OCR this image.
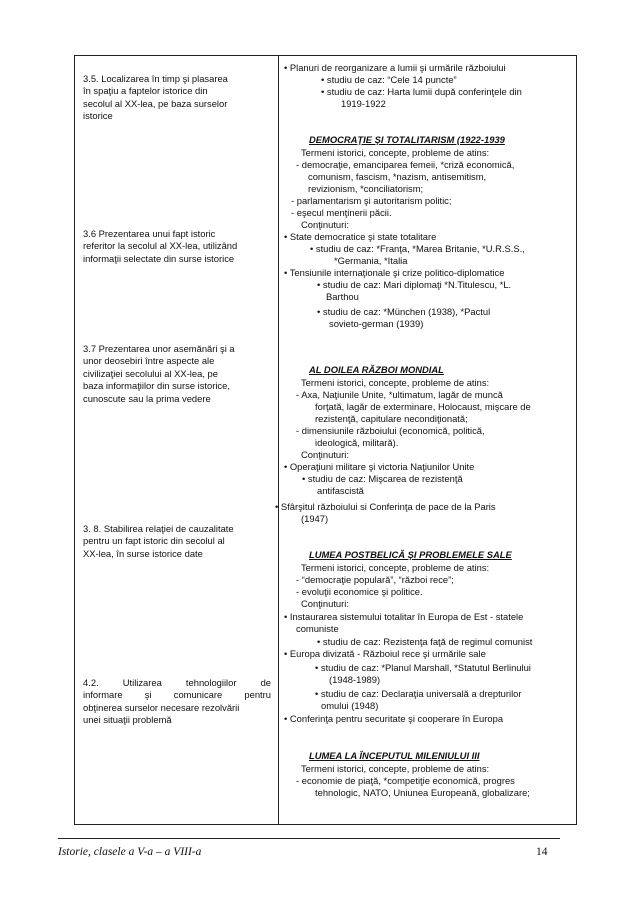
3.5. Localizarea în timp şi plasarea
în spaţiu a faptelor istorice din
secolul al XX-lea, pe baza surselor
istorice
3.6 Prezentarea unui fapt istoric
referitor la secolul al XX-lea, utilizând
informaţii selectate din surse istorice
3.7 Prezentarea unor asemănări şi a
unor deosebiri între aspecte ale
civilizaţiei secolului al XX-lea, pe
baza informaţiilor din surse istorice,
cunoscute sau la prima vedere
3. 8. Stabilirea relaţiei de cauzalitate
pentru un fapt istoric din secolul al
XX-lea, în surse istorice date
4.2. Utilizarea tehnologiilor de
informare şi comunicare pentru
obţinerea surselor necesare rezolvării
unei situaţii problemă
• Planuri de reorganizare a lumii şi urmările războiului
• studiu de caz: “Cele 14 puncte”
• studiu de caz: Harta lumii după conferinţele din
1919-1922
DEMOCRAŢIE ŞI TOTALITARISM (1922-1939
Termeni istorici, concepte, probleme de atins:
- democraţie, emanciparea femeii, *criză economică,
comunism, fascism, *nazism, antisemitism,
revizionism, *conciliatorism;
- parlamentarism şi autoritarism politic;
- eşecul menţinerii păcii.
Conţinuturi:
• State democratice şi state totalitare
• studiu de caz: *Franţa, *Marea Britanie, *U.R.S.S.,
*Germania, *Italia
• Tensiunile internaţionale şi crize politico-diplomatice
• studiu de caz: Mari diplomaţi *N.Titulescu, *L.
Barthou
• studiu de caz: *München (1938), *Pactul
sovieto-german (1939)
AL DOILEA RĂZBOI MONDIAL
Termeni istorici, concepte, probleme de atins:
- Axa, Naţiunile Unite, *ultimatum, lagăr de muncă
forţată, lagăr de exterminare, Holocaust, mişcare de
rezistenţă, capitulare necondiţionată;
- dimensiunile războiului (economică, politică,
ideologică, militară).
Conţinuturi:
• Operaţiuni militare şi victoria Naţiunilor Unite
• studiu de caz: Mişcarea de rezistenţă
antifascistă
• Sfârşitul războiului si Conferinţa de pace de la Paris
(1947)
LUMEA POSTBELICĂ ŞI PROBLEMELE SALE
Termeni istorici, concepte, probleme de atins:
- “democraţie populară”, “război rece”;
- evoluţii economice şi politice.
Conţinuturi:
• Instaurarea sistemului totalitar în Europa de Est - statele
comuniste
• studiu de caz: Rezistenţa faţă de regimul comunist
• Europa divizată - Războiul rece şi urmările sale
• studiu de caz: *Planul Marshall, *Statutul Berlinului
(1948-1989)
• studiu de caz: Declaraţia universală a drepturilor
omului (1948)
• Conferinţa pentru securitate şi cooperare în Europa
LUMEA LA ÎNCEPUTUL MILENIULUI III
Termeni istorici, concepte, probleme de atins:
- economie de piaţă, *competiţie economică, progres
tehnologic, NATO, Uniunea Europeană, globalizare;
Istorie, clasele a V-a – a VIII-a	14
